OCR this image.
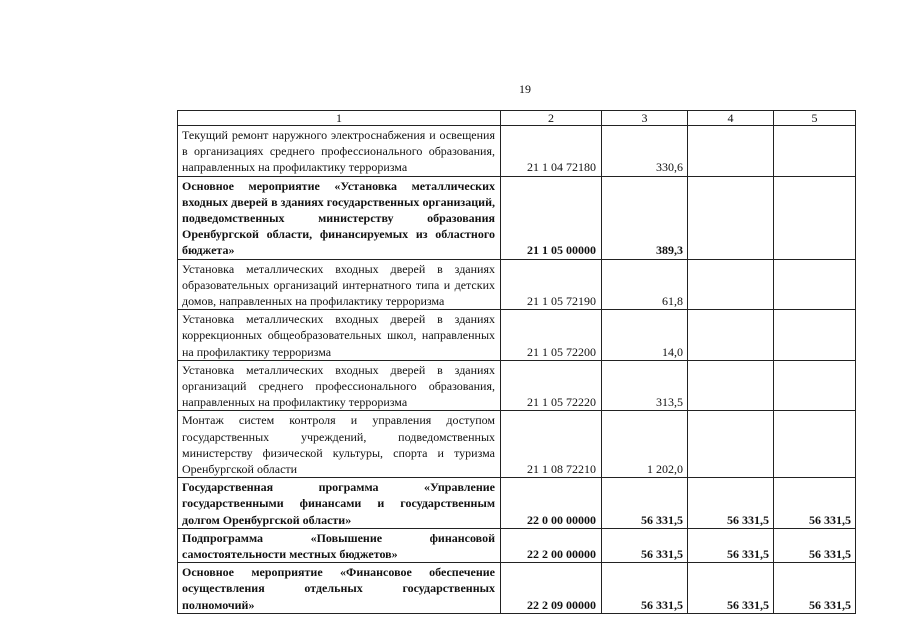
19
1	2	3	4	5
Текущий ремонт наружного электроснабжения и освещения в организациях среднего профессионального образования, направленных на профилактику терроризма	21 1 04 72180	330,6		
Основное мероприятие «Установка металлических входных дверей в зданиях государственных организаций, подведомственных министерству образования Оренбургской области, финансируемых из областного бюджета»	21 1 05 00000	389,3		
Установка металлических входных дверей в зданиях образовательных организаций интернатного типа и детских домов, направленных на профилактику терроризма	21 1 05 72190	61,8		
Установка металлических входных дверей в зданиях коррекционных общеобразовательных школ, направленных на профилактику терроризма	21 1 05 72200	14,0		
Установка металлических входных дверей в зданиях организаций среднего профессионального образования, направленных на профилактику терроризма	21 1 05 72220	313,5		
Монтаж систем контроля и управления доступом государственных учреждений, подведомственных министерству физической культуры, спорта и туризма Оренбургской области	21 1 08 72210	1 202,0		
Государственная программа «Управление государственными финансами и государственным долгом Оренбургской области»	22 0 00 00000	56 331,5	56 331,5	56 331,5
Подпрограмма «Повышение финансовой самостоятельности местных бюджетов»	22 2 00 00000	56 331,5	56 331,5	56 331,5
Основное мероприятие «Финансовое обеспечение осуществления отдельных государственных полномочий»	22 2 09 00000	56 331,5	56 331,5	56 331,5
